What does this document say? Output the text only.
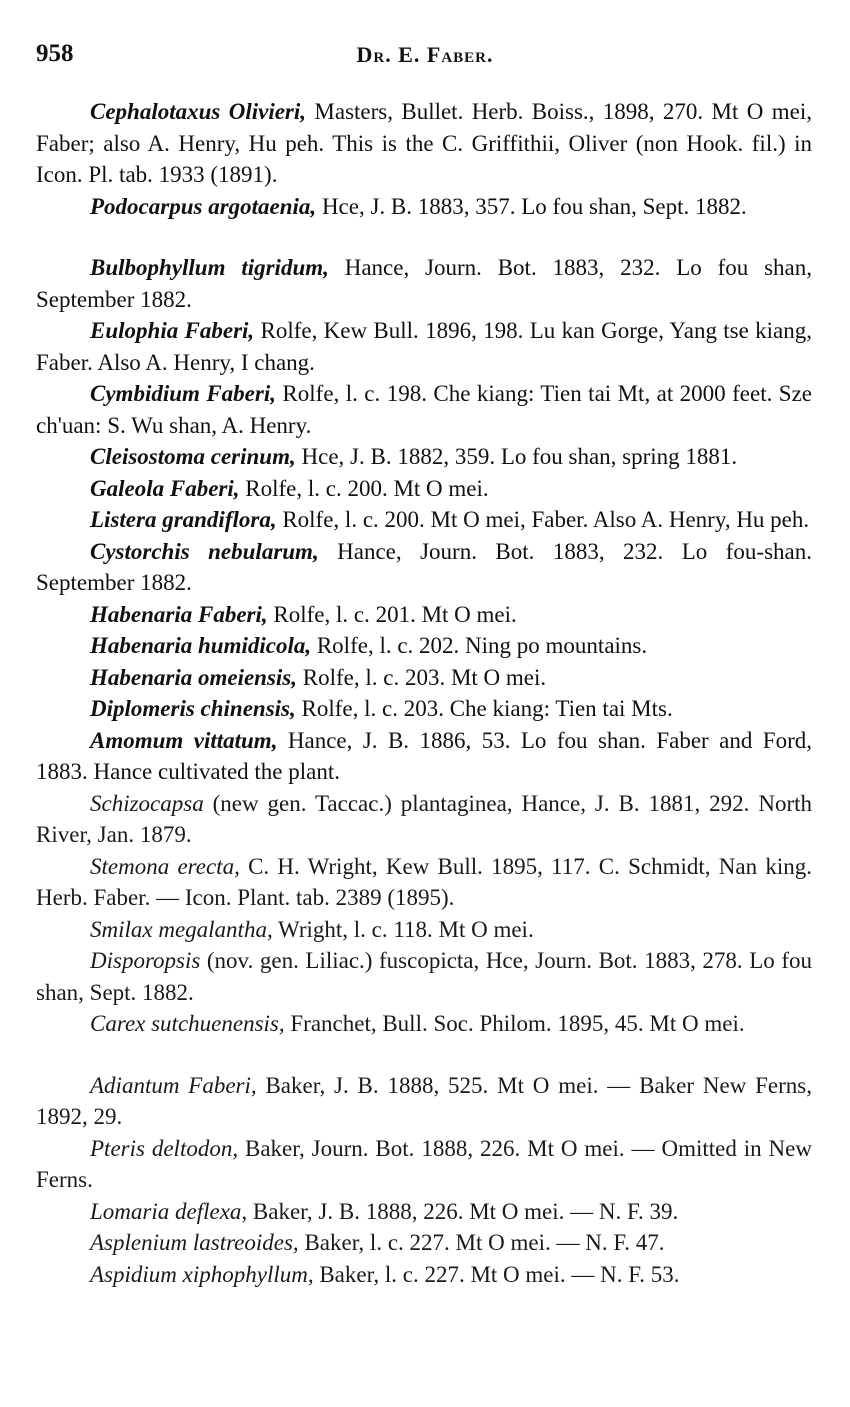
958	Dr. E. Faber.

Cephalotaxus Olivieri, Masters, Bullet. Herb. Boiss., 1898, 270. Mt O mei, Faber; also A. Henry, Hu peh. This is the C. Griffithii, Oliver (non Hook. fil.) in Icon. Pl. tab. 1933 (1891).

Podocarpus argotaenia, Hce, J. B. 1883, 357. Lo fou shan, Sept. 1882.

Bulbophyllum tigridum, Hance, Journ. Bot. 1883, 232. Lo fou shan, September 1882.

Eulophia Faberi, Rolfe, Kew Bull. 1896, 198. Lu kan Gorge, Yang tse kiang, Faber. Also A. Henry, I chang.

Cymbidium Faberi, Rolfe, l. c. 198. Che kiang: Tien tai Mt, at 2000 feet. Sze ch'uan: S. Wu shan, A. Henry.

Cleisostoma cerinum, Hce, J. B. 1882, 359. Lo fou shan, spring 1881.

Galeola Faberi, Rolfe, l. c. 200. Mt O mei.

Listera grandiflora, Rolfe, l. c. 200. Mt O mei, Faber. Also A. Henry, Hu peh.

Cystorchis nebularum, Hance, Journ. Bot. 1883, 232. Lo fou-shan. September 1882.

Habenaria Faberi, Rolfe, l. c. 201. Mt O mei.

Habenaria humidicola, Rolfe, l. c. 202. Ning po mountains.

Habenaria omeiensis, Rolfe, l. c. 203. Mt O mei.

Diplomeris chinensis, Rolfe, l. c. 203. Che kiang: Tien tai Mts.

Amomum vittatum, Hance, J. B. 1886, 53. Lo fou shan. Faber and Ford, 1883. Hance cultivated the plant.

Schizocapsa (new gen. Taccac.) plantaginea, Hance, J. B. 1881, 292. North River, Jan. 1879.

Stemona erecta, C. H. Wright, Kew Bull. 1895, 117. C. Schmidt, Nan king. Herb. Faber. — Icon. Plant. tab. 2389 (1895).

Smilax megalantha, Wright, l. c. 118. Mt O mei.

Disporopsis (nov. gen. Liliac.) fuscopicta, Hce, Journ. Bot. 1883, 278. Lo fou shan, Sept. 1882.

Carex sutchuenensis, Franchet, Bull. Soc. Philom. 1895, 45. Mt O mei.

Adiantum Faberi, Baker, J. B. 1888, 525. Mt O mei. — Baker New Ferns, 1892, 29.

Pteris deltodon, Baker, Journ. Bot. 1888, 226. Mt O mei. — Omitted in New Ferns.

Lomaria deflexa, Baker, J. B. 1888, 226. Mt O mei. — N. F. 39.

Asplenium lastreoides, Baker, l. c. 227. Mt O mei. — N. F. 47.

Aspidium xiphophyllum, Baker, l. c. 227. Mt O mei. — N. F. 53.
